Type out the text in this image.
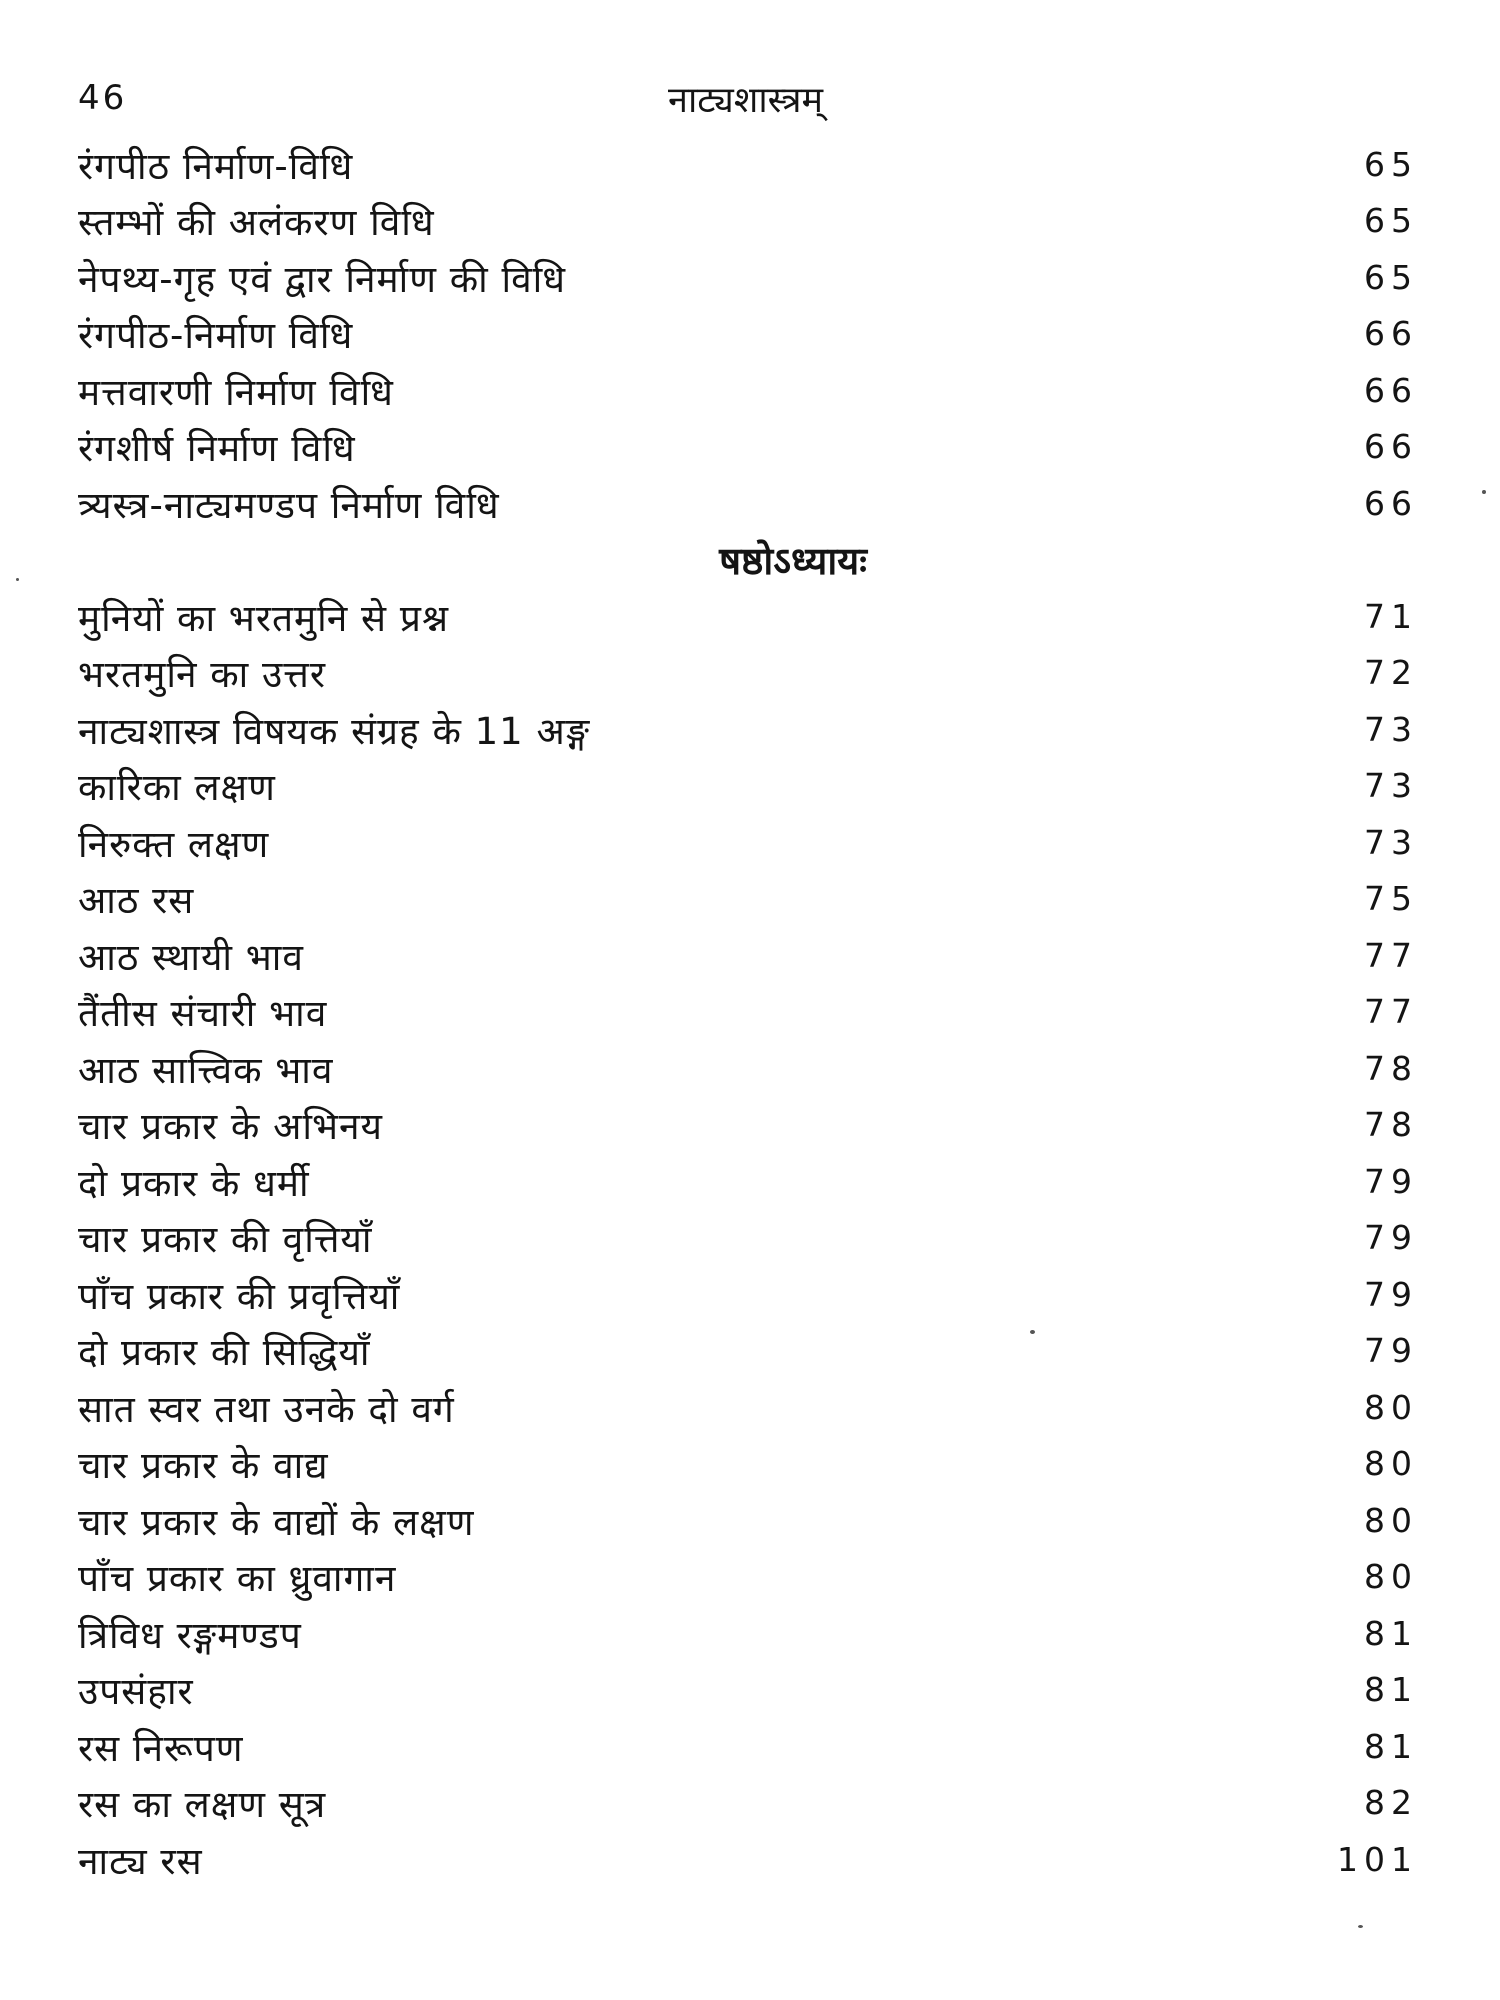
46	नाट्यशास्त्रम्
रंगपीठ निर्माण-विधि	65
स्तम्भों की अलंकरण विधि	65
नेपथ्य-गृह एवं द्वार निर्माण की विधि	65
रंगपीठ-निर्माण विधि	66
मत्तवारणी निर्माण विधि	66
रंगशीर्ष निर्माण विधि	66
त्र्यस्त्र-नाट्यमण्डप निर्माण विधि	66
षष्ठोऽध्यायः
मुनियों का भरतमुनि से प्रश्न	71
भरतमुनि का उत्तर	72
नाट्यशास्त्र विषयक संग्रह के 11 अङ्ग	73
कारिका लक्षण	73
निरुक्त लक्षण	73
आठ रस	75
आठ स्थायी भाव	77
तैंतीस संचारी भाव	77
आठ सात्त्विक भाव	78
चार प्रकार के अभिनय	78
दो प्रकार के धर्मी	79
चार प्रकार की वृत्तियाँ	79
पाँच प्रकार की प्रवृत्तियाँ	79
दो प्रकार की सिद्धियाँ	79
सात स्वर तथा उनके दो वर्ग	80
चार प्रकार के वाद्य	80
चार प्रकार के वाद्यों के लक्षण	80
पाँच प्रकार का ध्रुवागान	80
त्रिविध रङ्गमण्डप	81
उपसंहार	81
रस निरूपण	81
रस का लक्षण सूत्र	82
नाट्य रस	101
